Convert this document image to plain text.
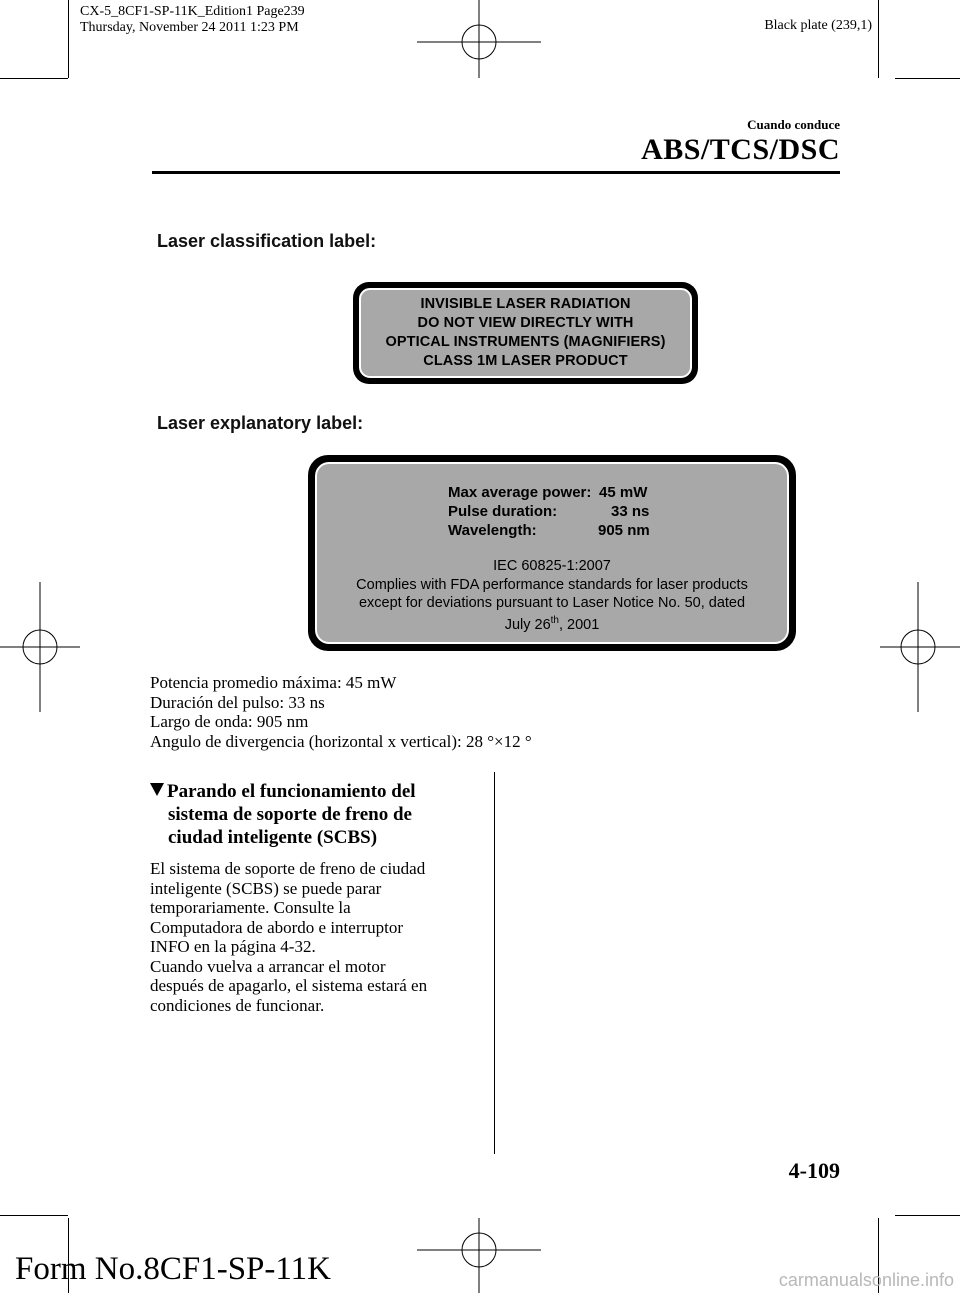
CX-5_8CF1-SP-11K_Edition1 Page239
Thursday, November 24 2011 1:23 PM	Black plate (239,1)
Cuando conduce
ABS/TCS/DSC
Laser classification label:
INVISIBLE LASER RADIATION
DO NOT VIEW DIRECTLY WITH
OPTICAL INSTRUMENTS (MAGNIFIERS)
CLASS 1M LASER PRODUCT
Laser explanatory label:
Max average power: 45 mW
Pulse duration:	33 ns
Wavelength:	905 nm
IEC 60825-1:2007
Complies with FDA performance standards for laser products
except for deviations pursuant to Laser Notice No. 50, dated
July 26th, 2001
Potencia promedio máxima: 45 mW
Duración del pulso: 33 ns
Largo de onda: 905 nm
Angulo de divergencia (horizontal x vertical): 28 °×12 °
Parando el funcionamiento del
sistema de soporte de freno de
ciudad inteligente (SCBS)
El sistema de soporte de freno de ciudad
inteligente (SCBS) se puede parar
temporariamente. Consulte la
Computadora de abordo e interruptor
INFO en la página 4-32.
Cuando vuelva a arrancar el motor
después de apagarlo, el sistema estará en
condiciones de funcionar.
4-109
Form No.8CF1-SP-11K	carmanualsonline.info
